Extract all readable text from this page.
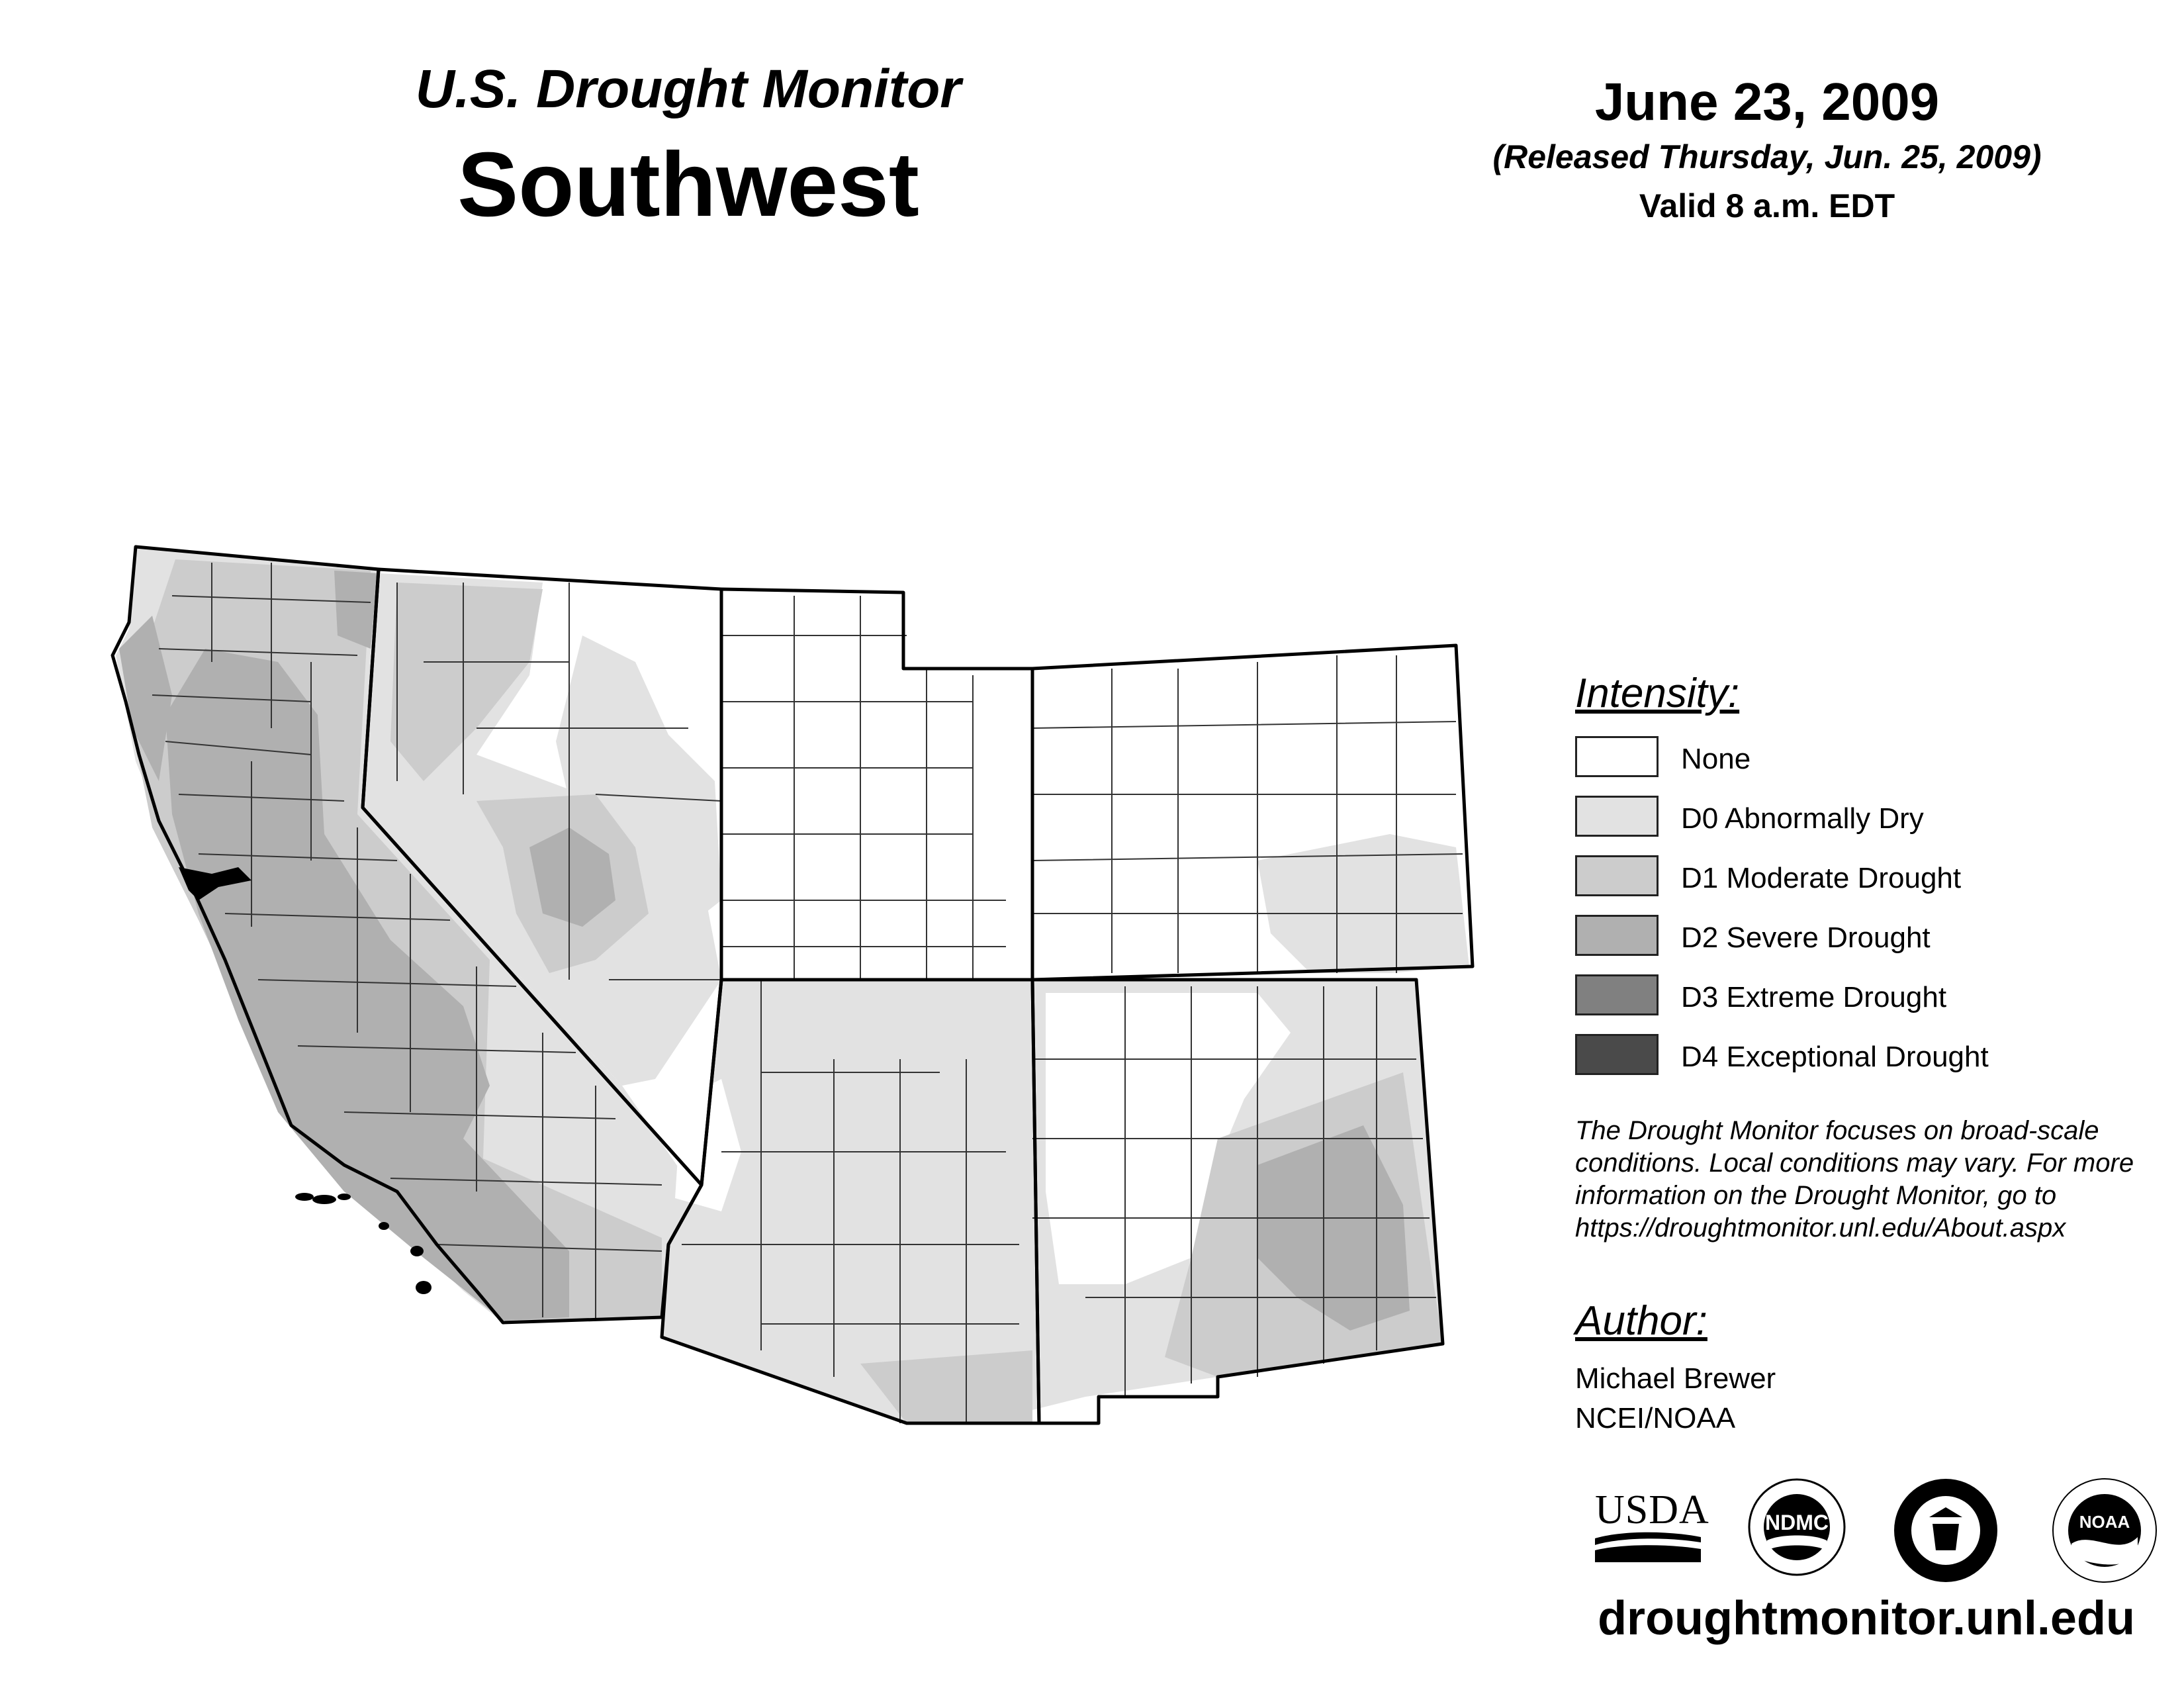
U.S. Drought Monitor
Southwest
June 23, 2009
(Released Thursday, Jun. 25, 2009)
Valid 8 a.m. EDT
Intensity:
None
D0 Abnormally Dry
D1 Moderate Drought
D2 Severe Drought
D3 Extreme Drought
D4 Exceptional Drought
The Drought Monitor focuses on broad-scale conditions. Local conditions may vary. For more information on the Drought Monitor, go to https://droughtmonitor.unl.edu/About.aspx
Author:
Michael Brewer
NCEI/NOAA
USDA	NDMC	NOAA
droughtmonitor.unl.edu
